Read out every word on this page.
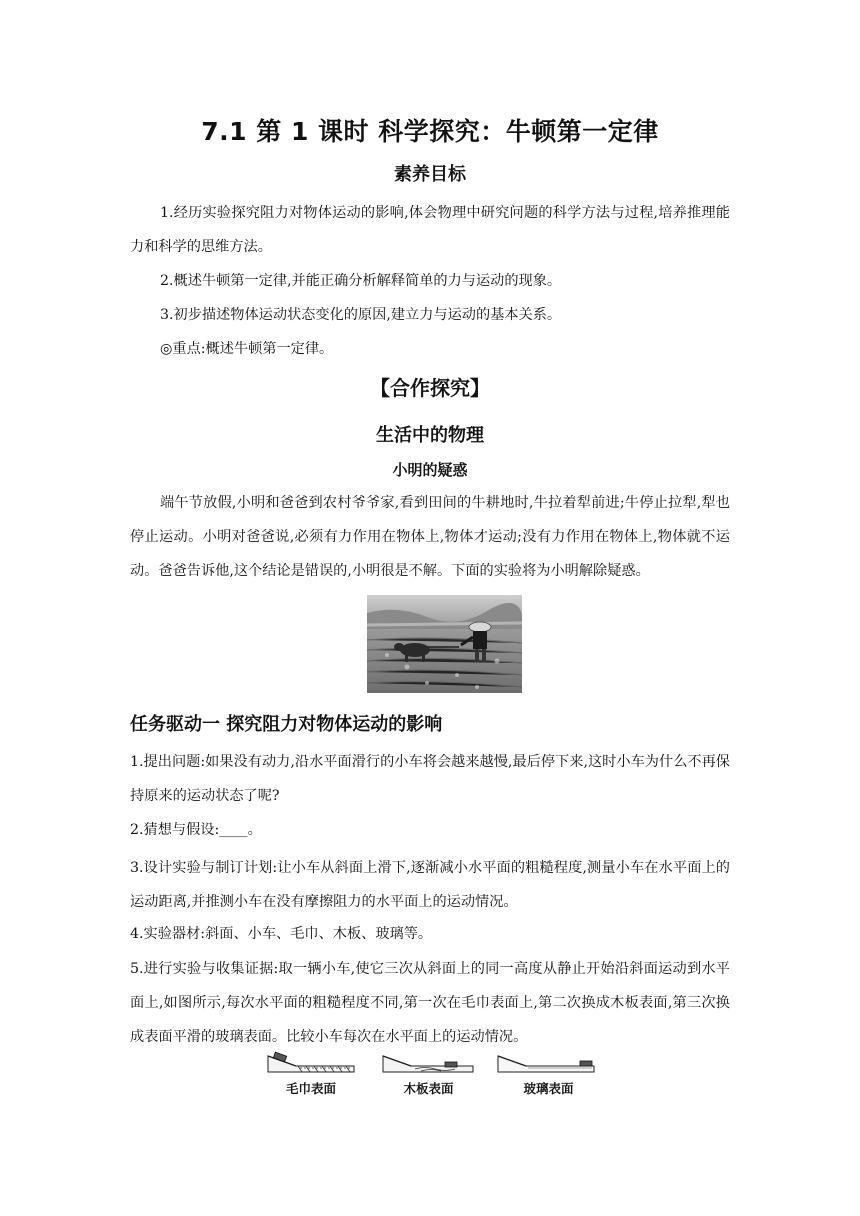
7.1 第 1 课时 科学探究：牛顿第一定律
素养目标
1.经历实验探究阻力对物体运动的影响,体会物理中研究问题的科学方法与过程,培养推理能力和科学的思维方法。
2.概述牛顿第一定律,并能正确分析解释简单的力与运动的现象。
3.初步描述物体运动状态变化的原因,建立力与运动的基本关系。
◎重点:概述牛顿第一定律。
【合作探究】
生活中的物理
小明的疑惑
端午节放假,小明和爸爸到农村爷爷家,看到田间的牛耕地时,牛拉着犁前进;牛停止拉犁,犁也停止运动。小明对爸爸说,必须有力作用在物体上,物体才运动;没有力作用在物体上,物体就不运动。爸爸告诉他,这个结论是错误的,小明很是不解。下面的实验将为小明解除疑惑。
任务驱动一 探究阻力对物体运动的影响
1.提出问题:如果没有动力,沿水平面滑行的小车将会越来越慢,最后停下来,这时小车为什么不再保持原来的运动状态了呢?
2.猜想与假设:____。
3.设计实验与制订计划:让小车从斜面上滑下,逐渐减小水平面的粗糙程度,测量小车在水平面上的运动距离,并推测小车在没有摩擦阻力的水平面上的运动情况。
4.实验器材:斜面、小车、毛巾、木板、玻璃等。
5.进行实验与收集证据:取一辆小车,使它三次从斜面上的同一高度从静止开始沿斜面运动到水平面上,如图所示,每次水平面的粗糙程度不同,第一次在毛巾表面上,第二次换成木板表面,第三次换成表面平滑的玻璃表面。比较小车每次在水平面上的运动情况。
毛巾表面	木板表面	玻璃表面
